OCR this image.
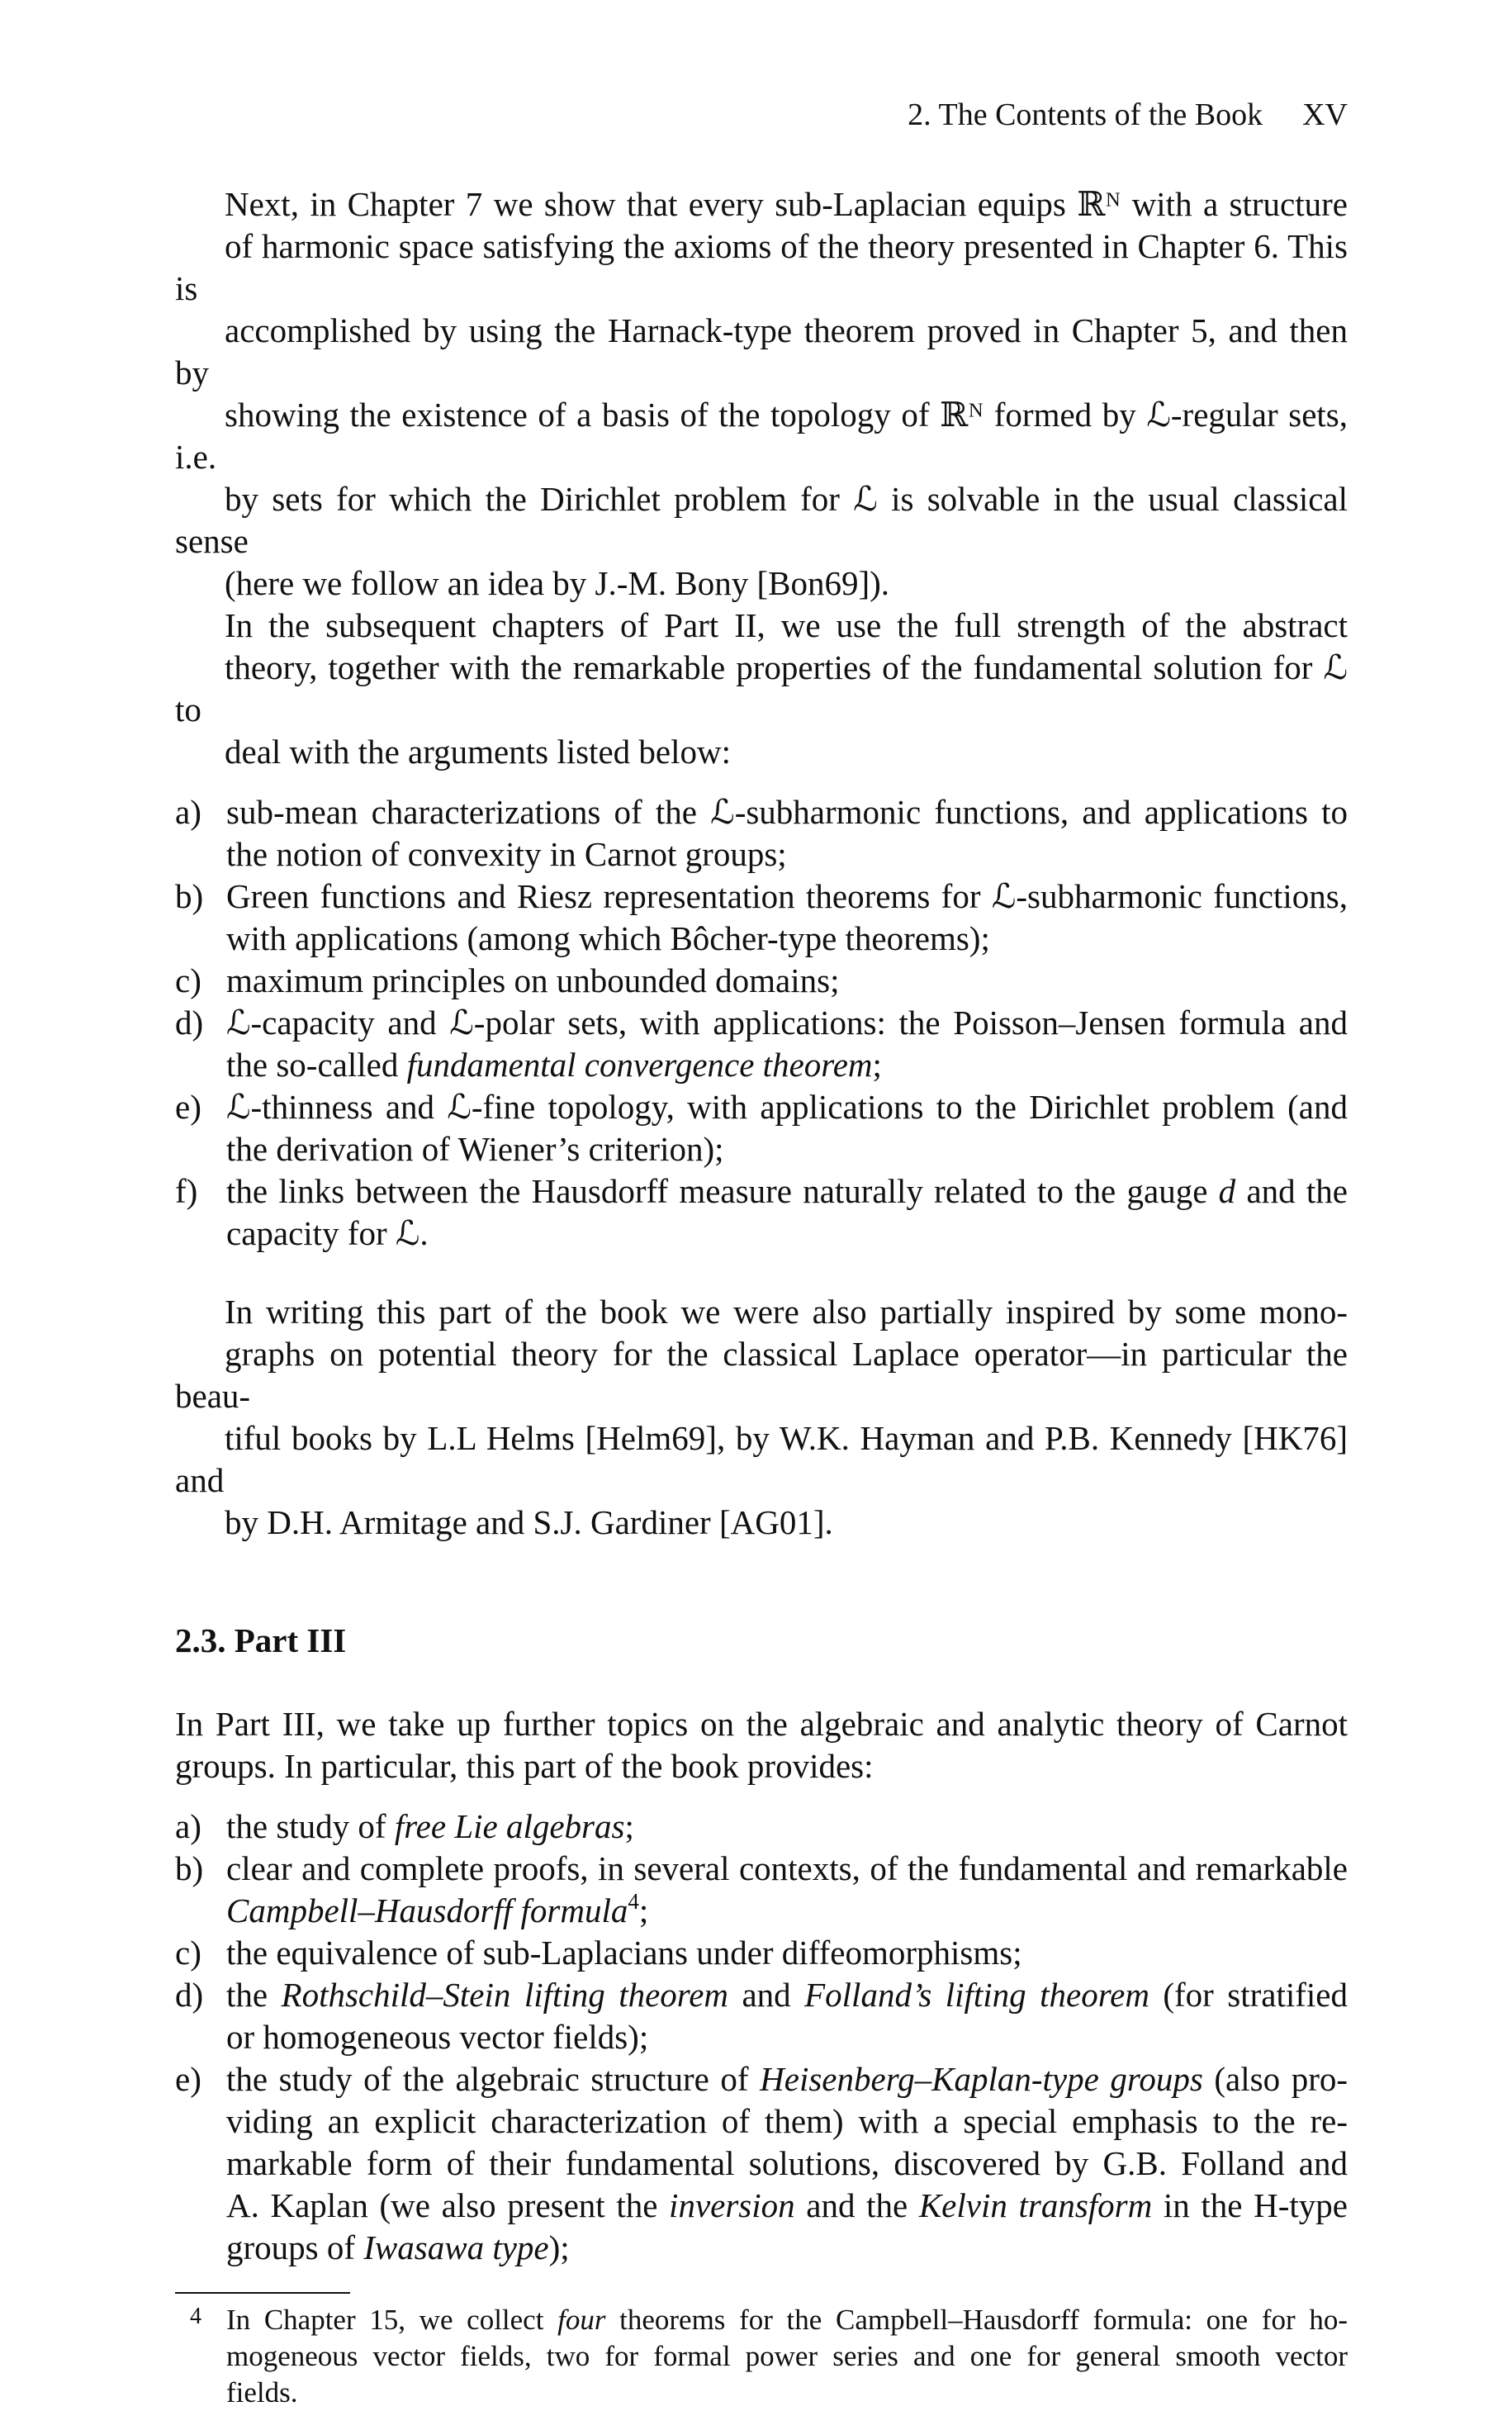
2. The Contents of the Book XV

Next, in Chapter 7 we show that every sub-Laplacian equips ℝᴺ with a structure
of harmonic space satisfying the axioms of the theory presented in Chapter 6. This is
accomplished by using the Harnack-type theorem proved in Chapter 5, and then by
showing the existence of a basis of the topology of ℝᴺ formed by ℒ-regular sets, i.e.
by sets for which the Dirichlet problem for ℒ is solvable in the usual classical sense
(here we follow an idea by J.-M. Bony [Bon69]).

In the subsequent chapters of Part II, we use the full strength of the abstract
theory, together with the remarkable properties of the fundamental solution for ℒ to
deal with the arguments listed below:

a) sub-mean characterizations of the ℒ-subharmonic functions, and applications to
the notion of convexity in Carnot groups;
b) Green functions and Riesz representation theorems for ℒ-subharmonic functions,
with applications (among which Bôcher-type theorems);
c) maximum principles on unbounded domains;
d) ℒ-capacity and ℒ-polar sets, with applications: the Poisson–Jensen formula and
the so-called fundamental convergence theorem;
e) ℒ-thinness and ℒ-fine topology, with applications to the Dirichlet problem (and
the derivation of Wiener’s criterion);
f) the links between the Hausdorff measure naturally related to the gauge d and the
capacity for ℒ.

In writing this part of the book we were also partially inspired by some mono-
graphs on potential theory for the classical Laplace operator—in particular the beau-
tiful books by L.L Helms [Helm69], by W.K. Hayman and P.B. Kennedy [HK76] and
by D.H. Armitage and S.J. Gardiner [AG01].

2.3. Part III

In Part III, we take up further topics on the algebraic and analytic theory of Carnot
groups. In particular, this part of the book provides:

a) the study of free Lie algebras;
b) clear and complete proofs, in several contexts, of the fundamental and remarkable
Campbell–Hausdorff formula$^4$;
c) the equivalence of sub-Laplacians under diffeomorphisms;
d) the Rothschild–Stein lifting theorem and Folland’s lifting theorem (for stratified
or homogeneous vector fields);
e) the study of the algebraic structure of Heisenberg–Kaplan-type groups (also pro-
viding an explicit characterization of them) with a special emphasis to the re-
markable form of their fundamental solutions, discovered by G.B. Folland and
A. Kaplan (we also present the inversion and the Kelvin transform in the H-type
groups of Iwasawa type);
4 In Chapter 15, we collect four theorems for the Campbell–Hausdorff formula: one for ho-
mogeneous vector fields, two for formal power series and one for general smooth vector
fields.
